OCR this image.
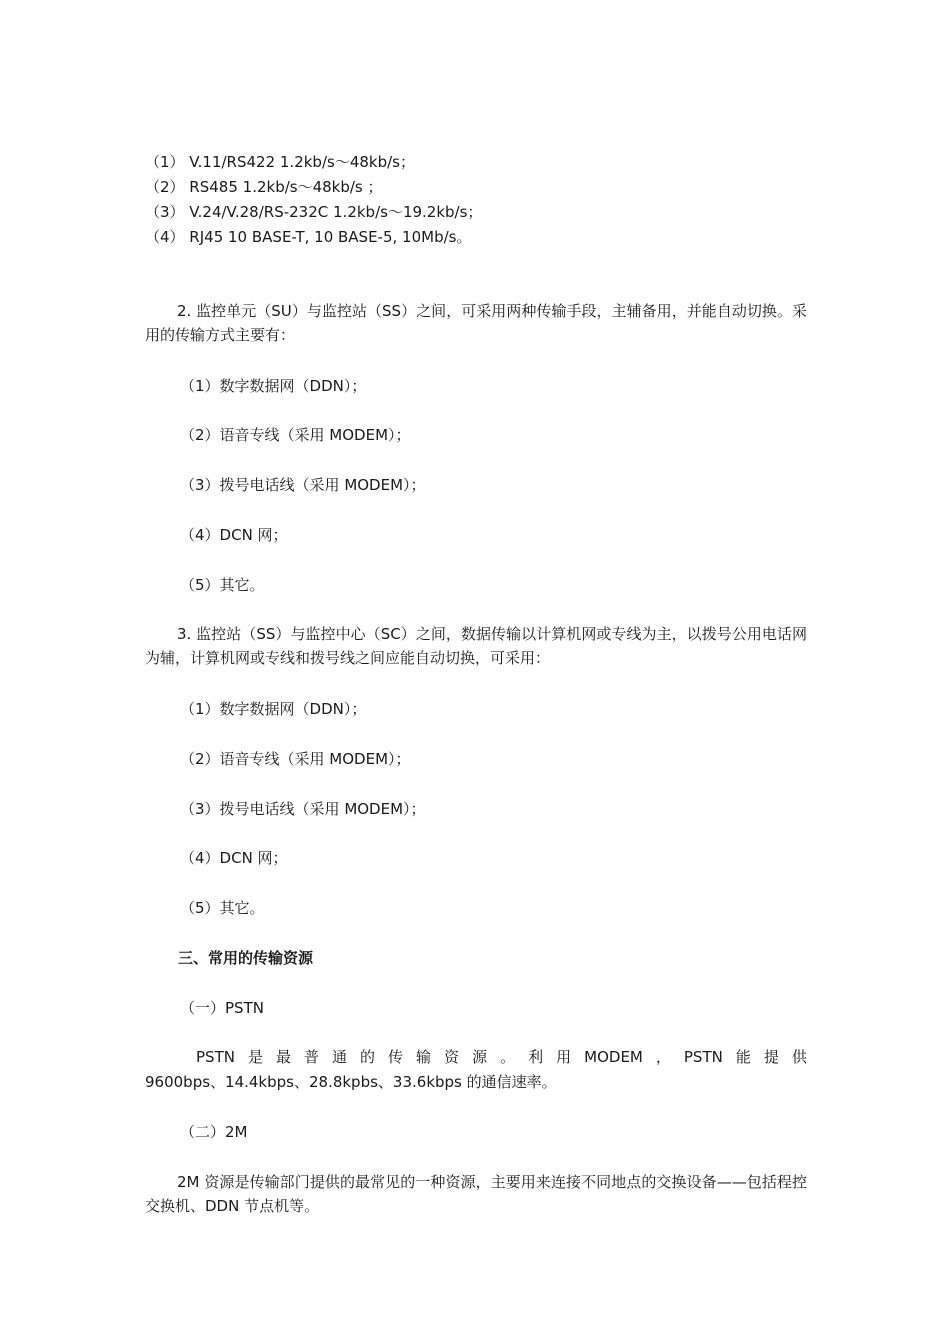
（1） V.11/RS422 1.2kb/s～48kb/s；
（2） RS485 1.2kb/s～48kb/s ；
（3） V.24/V.28/RS-232C 1.2kb/s～19.2kb/s；
（4） RJ45 10 BASE-T, 10 BASE-5, 10Mb/s。
2. 监控单元（SU）与监控站（SS）之间，可采用两种传输手段，主辅备用，并能自动切换。采用的传输方式主要有：
（1）数字数据网（DDN）；
（2）语音专线（采用 MODEM）；
（3）拨号电话线（采用 MODEM）；
（4）DCN 网；
（5）其它。
3. 监控站（SS）与监控中心（SC）之间，数据传输以计算机网或专线为主，以拨号公用电话网为辅，计算机网或专线和拨号线之间应能自动切换，可采用：
（1）数字数据网（DDN）；
（2）语音专线（采用 MODEM）；
（3）拨号电话线（采用 MODEM）；
（4）DCN 网；
（5）其它。
三、常用的传输资源
（一）PSTN
PSTN 是 最 普 通 的 传 输 资 源 。 利 用 MODEM ， PSTN 能 提 供
9600bps、14.4kbps、28.8kpbs、33.6kbps 的通信速率。
（二）2M
2M 资源是传输部门提供的最常见的一种资源，主要用来连接不同地点的交换设备——包括程控交换机、DDN 节点机等。
